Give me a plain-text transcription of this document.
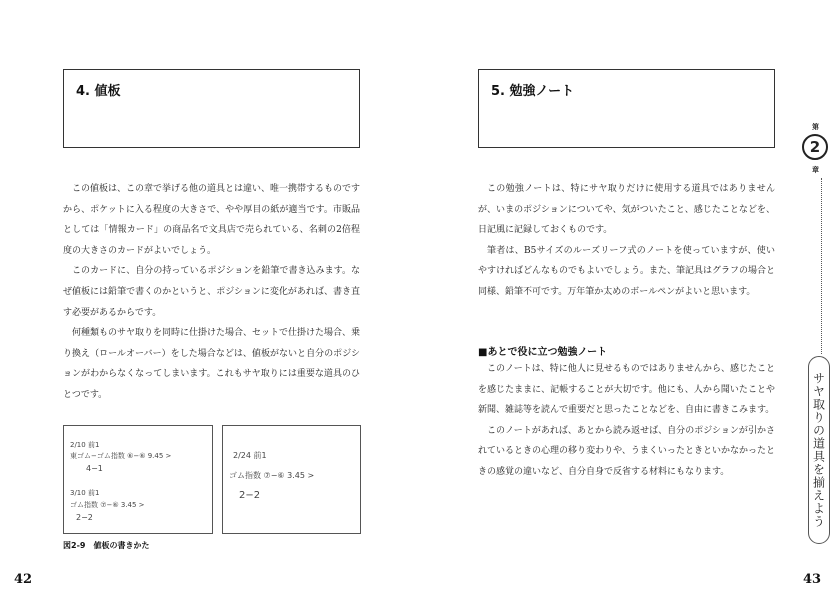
4. 値板

この値板は、この章で挙げる他の道具とは違い、唯一携帯するものですから、ポケットに入る程度の大きさで、やや厚目の紙が適当です。市販品としては「情報カード」の商品名で文具店で売られている、名刺の2倍程度の大きさのカードがよいでしょう。

このカードに、自分の持っているポジションを鉛筆で書き込みます。なぜ値板には鉛筆で書くのかというと、ポジションに変化があれば、書き直す必要があるからです。

何種類ものサヤ取りを同時に仕掛けた場合、セットで仕掛けた場合、乗り換え（ロールオーバー）をした場合などは、値板がないと自分のポジションがわからなくなってしまいます。これもサヤ取りには重要な道具のひとつです。

2/10 前1
東ゴム−ゴム指数 ⑥−⑥ 9.45 >
4−1
3/10 前1
ゴム指数 ⑦−⑥ 3.45 >
2−2
2/24 前1
ゴム指数 ⑦−⑥ 3.45 >
2−2
図2-9　値板の書きかた
42
5. 勉強ノート

この勉強ノートは、特にサヤ取りだけに使用する道具ではありませんが、いまのポジションについてや、気がついたこと、感じたことなどを、日記風に記録しておくものです。

筆者は、B5サイズのルーズリーフ式のノートを使っていますが、使いやすければどんなものでもよいでしょう。また、筆記具はグラフの場合と同様、鉛筆不可です。万年筆か太めのボールペンがよいと思います。

■あとで役に立つ勉強ノート

このノートは、特に他人に見せるものではありませんから、感じたことを感じたままに、記帳することが大切です。他にも、人から聞いたことや新聞、雑誌等を読んで重要だと思ったことなどを、自由に書きこみます。

このノートがあれば、あとから読み返せば、自分のポジションが引かされているときの心理の移り変わりや、うまくいったときといかなかったときの感覚の違いなど、自分自身で反省する材料にもなります。

43
第
2
章
サヤ取りの道具を揃えよう
